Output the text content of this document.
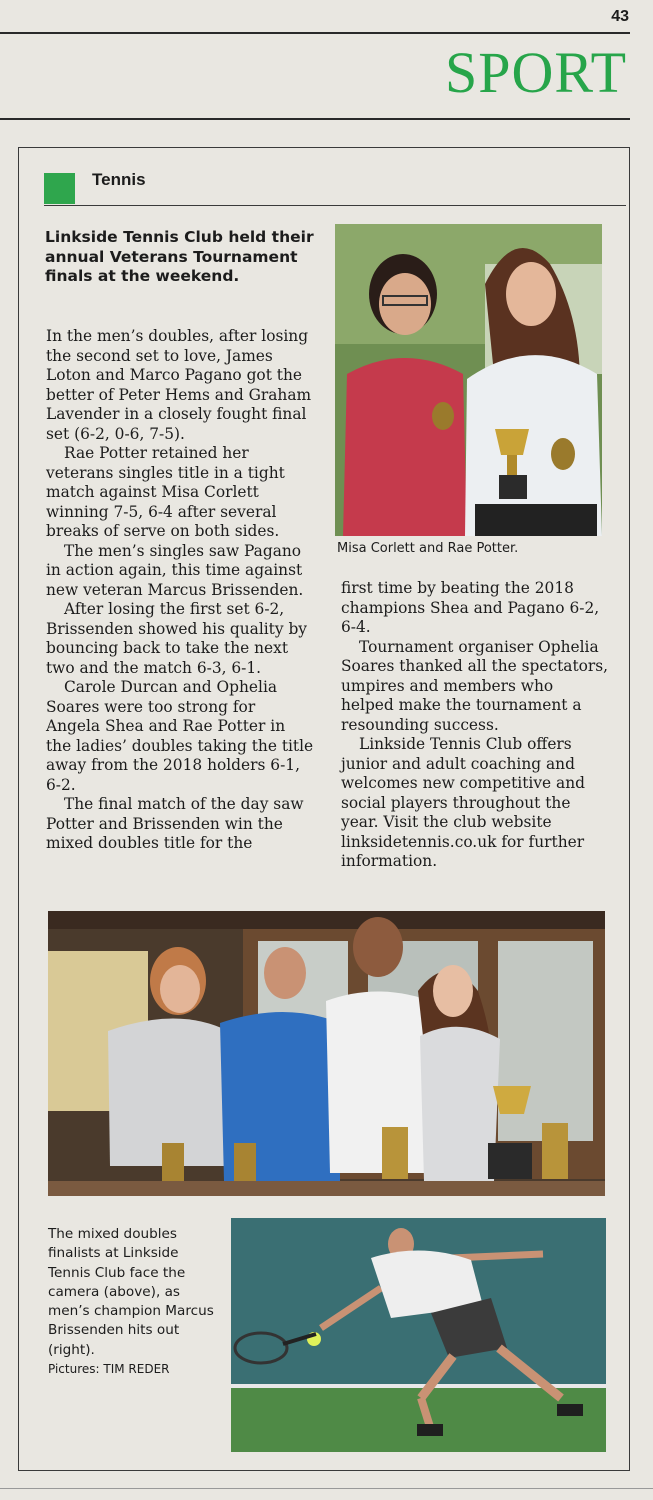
43
SPORT
Tennis

Linkside Tennis Club held their annual Veterans Tournament finals at the weekend.

In the men’s doubles, after losing the second set to love, James Loton and Marco Pagano got the better of Peter Hems and Graham Lavender in a closely fought final set (6-2, 0-6, 7-5).

Rae Potter retained her veterans singles title in a tight match against Misa Corlett winning 7-5, 6-4 after several breaks of serve on both sides.

The men’s singles saw Pagano in action again, this time against new veteran Marcus Brissenden.

After losing the first set 6-2, Brissenden showed his quality by bouncing back to take the next two and the match 6-3, 6-1.

Carole Durcan and Ophelia Soares were too strong for Angela Shea and Rae Potter in the ladies’ doubles taking the title away from the 2018 holders 6-1, 6-2.

The final match of the day saw Potter and Brissenden win the mixed doubles title for the

first time by beating the 2018 champions Shea and Pagano 6-2, 6-4.

Tournament organiser Ophelia Soares thanked all the spectators, umpires and members who helped make the tournament a resounding success.

Linkside Tennis Club offers junior and adult coaching and welcomes new competitive and social players throughout the year. Visit the club website linksidetennis.co.uk for further information.

Misa Corlett and Rae Potter.

The mixed doubles finalists at Linkside Tennis Club face the camera (above), as men’s champion Marcus Brissenden hits out (right).
Pictures: TIM REDER
